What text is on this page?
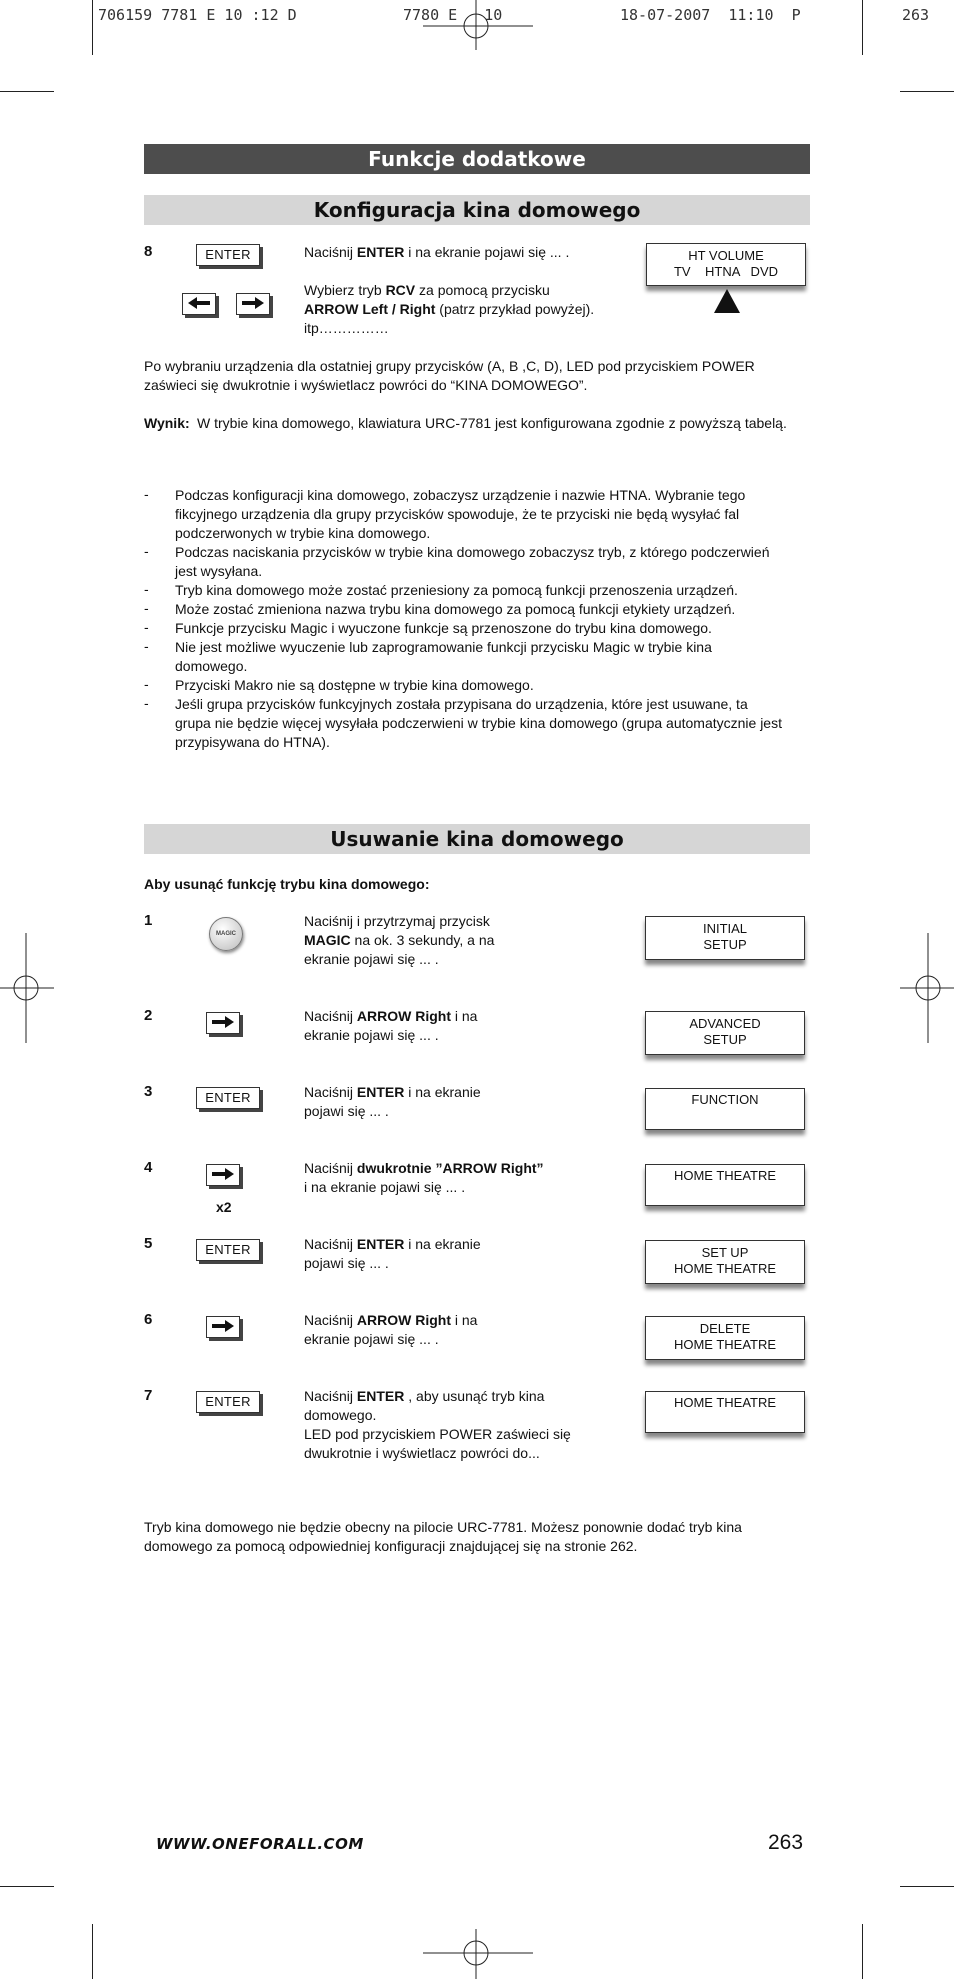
706159 7781 E 10 :12 D	7780 E   10	18-07-2007  11:10  P	263
Funkcje dodatkowe
Konfiguracja kina domowego
8	ENTER	Naciśnij ENTER i na ekranie pojawi się ... .
Wybierz tryb RCV za pomocą przycisku
ARROW Left / Right (patrz przykład powyżej).
itp……………
HT VOLUME
TV    HTNA   DVD
Po wybraniu urządzenia dla ostatniej grupy przycisków (A, B ,C, D), LED pod przyciskiem POWER zaświeci się dwukrotnie i wyświetlacz powróci do “KINA DOMOWEGO”.
Wynik: W trybie kina domowego, klawiatura URC-7781 jest konfigurowana zgodnie z powyższą tabelą.
- Podczas konfiguracji kina domowego, zobaczysz urządzenie i nazwie HTNA. Wybranie tego fikcyjnego urządzenia dla grupy przycisków spowoduje, że te przyciski nie będą wysyłać fal podczerwonych w trybie kina domowego.
- Podczas naciskania przycisków w trybie kina domowego zobaczysz tryb, z którego podczerwień jest wysyłana.
- Tryb kina domowego może zostać przeniesiony za pomocą funkcji przenoszenia urządzeń.
- Może zostać zmieniona nazwa trybu kina domowego za pomocą funkcji etykiety urządzeń.
- Funkcje przycisku Magic i wyuczone funkcje są przenoszone do trybu kina domowego.
- Nie jest możliwe wyuczenie lub zaprogramowanie funkcji przycisku Magic w trybie kina domowego.
- Przyciski Makro nie są dostępne w trybie kina domowego.
- Jeśli grupa przycisków funkcyjnych została przypisana do urządzenia, które jest usuwane, ta grupa nie będzie więcej wysyłała podczerwieni w trybie kina domowego (grupa automatycznie jest przypisywana do HTNA).
Usuwanie kina domowego
Aby usunąć funkcję trybu kina domowego:
1
MAGIC
Naciśnij i przytrzymaj przycisk
MAGIC na ok. 3 sekundy, a na ekranie pojawi się ... .
INITIAL
SETUP
2	Naciśnij ARROW Right i na ekranie pojawi się ... .
ADVANCED
SETUP
3	ENTER	Naciśnij ENTER i na ekranie pojawi się ... .
FUNCTION
4
x2
Naciśnij dwukrotnie ”ARROW Right”
i na ekranie pojawi się ... .
HOME THEATRE
5	ENTER	Naciśnij ENTER i na ekranie pojawi się ... .
SET UP
HOME THEATRE
6	Naciśnij ARROW Right i na ekranie pojawi się ... .
DELETE
HOME THEATRE
7	ENTER	Naciśnij ENTER , aby usunąć tryb kina domowego.
LED pod przyciskiem POWER zaświeci się dwukrotnie i wyświetlacz powróci do...
HOME THEATRE
Tryb kina domowego nie będzie obecny na pilocie URC-7781. Możesz ponownie dodać tryb kina domowego za pomocą odpowiedniej konfiguracji znajdującej się na stronie 262.
WWW.ONEFORALL.COM	263
